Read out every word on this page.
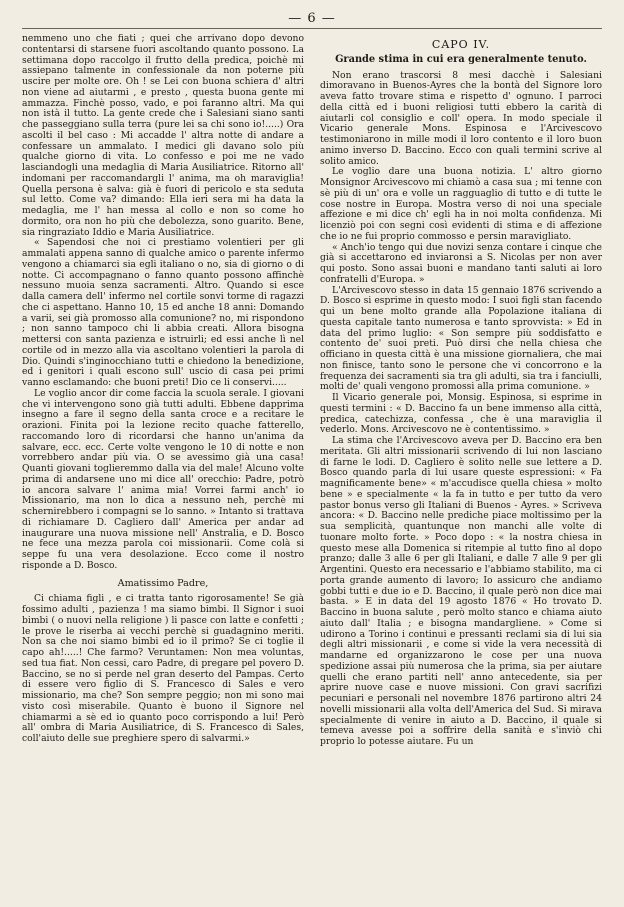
— 6 —

nemmeno uno che fiati ; quei che arrivano dopo devono contentarsi di starsene fuori ascoltando quanto possono. La settimana dopo raccolgo il frutto della predica, poichè mi assiepano talmente in confessionale da non poterne più uscire per molte ore. Oh ! se Lei con buona schiera d' altri non viene ad aiutarmi , e presto , questa buona gente mi ammazza. Finchè posso, vado, e poi faranno altri. Ma qui non istà il tutto. La gente crede che i Salesiani siano santi che passeggiano sulla terra (pure lei sa chi sono io!.....) Ora ascolti il bel caso : Mi accadde l' altra notte di andare a confessare un ammalato. I medici gli davano solo più qualche giorno di vita. Lo confesso e poi me ne vado lasciandogli una medaglia di Maria Ausiliatrice. Ritorno all' indomani per raccomandargli l' anima, ma oh maraviglia! Quella persona è salva: già è fuori di pericolo e sta seduta sul letto. Come va? dimando: Ella ieri sera mi ha data la medaglia, me l' han messa al collo e non so come ho dormito, ora non ho più che debolezza, sono guarito. Bene, sia ringraziato Iddio e Maria Ausiliatrice.

« Sapendosi che noi ci prestiamo volentieri per gli ammalati appena sanno di qualche amico o parente infermo vengono a chiamarci sia egli italiano o no, sia di giorno o di notte. Ci accompagnano o fanno quanto possono affinchè nessuno muoia senza sacramenti. Altro. Quando si esce dalla camera dell' infermo nel cortile sonvi torme di ragazzi che ci aspettano. Hanno 10, 15 ed anche 18 anni: Domando a varii, sei già promosso alla comunione? no, mi rispondono ; non sanno tampoco chi li abbia creati. Allora bisogna mettersi con santa pazienza e istruirli; ed essi anche lì nel cortile od in mezzo alla via ascoltano volentieri la parola di Dio. Quindi s'inginocchiano tutti e chiedono la benedizione, ed i genitori i quali escono sull' uscio di casa pei primi vanno esclamando: che buoni preti! Dio ce li conservi.....

Le voglio ancor dir come faccia la scuola serale. I giovani che vi intervengono sono già tutti adulti. Ebbene dapprima insegno a fare il segno della santa croce e a recitare le orazioni. Finita poi la lezione recito quache fatterello, raccomando loro di ricordarsi che hanno un'anima da salvare, ecc. ecc. Certe volte vengono le 10 di notte e non vorrebbero andar più via. O se avessimo già una casa! Quanti giovani toglieremmo dalla via del male! Alcuno volte prima di andarsene uno mi dice all' orecchio: Padre, potrò io ancora salvare l' anima mia! Vorrei farmi anch' io Missionario, ma non lo dica a nessuno neh, perchè mi schernirebbero i compagni se lo sanno. » Intanto si trattava di richiamare D. Cagliero dall' America per andar ad inaugurare una nuova missione nell' Anstralia, e D. Bosco ne fece una mezza parola coi missionarii. Come colà si seppe fu una vera desolazione. Ecco come il nostro risponde a D. Bosco.

Amatissimo Padre,

Ci chiama figli , e ci tratta tanto rigorosamente! Se già fossimo adulti , pazienza ! ma siamo bimbi. Il Signor i suoi bimbi ( o nuovi nella religione ) li pasce con latte e confetti ; le prove le riserba ai vecchi perchè si guadagnino meriti. Non sa che noi siamo bimbi ed io il primo? Se ci toglie il capo ah!.....! Che farmo? Veruntamen: Non mea voluntas, sed tua fiat. Non cessi, caro Padre, di pregare pel povero D. Baccino, se no si perde nel gran deserto del Pampas. Certo di essere vero figlio di S. Francesco di Sales e vero missionario, ma che? Son sempre peggio; non mi sono mai visto così miserabile. Quanto è buono il Signore nel chiamarmi a sè ed io quanto poco corrispondo a lui! Però all' ombra di Maria Ausiliatrice, di S. Francesco di Sales, coll'aiuto delle sue preghiere spero di salvarmi.»

CAPO IV.
Grande stima in cui era generalmente tenuto.

Non erano trascorsi 8 mesi dacchè i Salesiani dimoravano in Buenos-Ayres che la bontà del Signore loro aveva fatto trovare stima e rispetto d' ognuno. I parroci della città ed i buoni religiosi tutti ebbero la carità di aiutarli col consiglio e coll' opera. In modo speciale il Vicario generale Mons. Espinosa e l'Arcivescovo testimoniarono in mille modi il loro contento e il loro buon animo inverso D. Baccino. Ecco con quali termini scrive al solito amico.

Le voglio dare una buona notizia. L' altro giorno Monsignor Arcivescovo mi chiamò a casa sua ; mi tenne con sè più di un' ora e volle un ragguaglio di tutto e di tutte le cose nostre in Europa. Mostra verso di noi una speciale affezione e mi dice ch' egli ha in noi molta confidenza. Mi licenziò poi con segni così evidenti di stima e di affezione che io ne fui proprio commosso e persin maravigliato.

« Anch'io tengo qui due novizi senza contare i cinque che già si accettarono ed inviaronsi a S. Nicolas per non aver qui posto. Sono assai buoni e mandano tanti saluti ai loro confratelli d'Europa. »

L'Arcivescovo stesso in data 15 gennaio 1876 scrivendo a D. Bosco si esprime in questo modo: I suoi figli stan facendo qui un bene molto grande alla Popolazione italiana di questa capitale tanto numerosa e tanto sprovvista: » Ed in data del primo luglio: « Son sempre più soddisfatto e contento de' suoi preti. Può dirsi che nella chiesa che officiano in questa città è una missione giornaliera, che mai non finisce, tanto sono le persone che vi concorrono e la frequenza dei sacramenti sia tra gli adulti, sia tra i fanciulli, molti de' quali vengono promossi alla prima comunione. »

Il Vicario generale poi, Monsig. Espinosa, si esprime in questi termini : « D. Baccino fa un bene immenso alla città, predica, catechizza, confessa , che è una maraviglia il vederlo. Mons. Arcivescovo ne è contentissimo. »

La stima che l'Arcivescovo aveva per D. Baccino era ben meritata. Gli altri missionarii scrivendo di lui non lasciano di farne le lodi. D. Cagliero è solito nelle sue lettere a D. Bosco quando parla di lui usare queste espressioni: « Fa magnificamente bene» « m'accudisce quella chiesa » molto bene » e specialmente « la fa in tutto e per tutto da vero pastor bonus verso gli Italiani di Buenos - Ayres. » Scriveva ancora: « D. Baccino nelle prediche piace moltissimo per la sua semplicità, quantunque non manchi alle volte di tuonare molto forte. » Poco dopo : « la nostra chiesa in questo mese alla Domenica si ritempie al tutto fino al dopo pranzo; dalle 3 alle 6 per gli Italiani, e dalle 7 alle 9 per gli Argentini. Questo era necessario e l'abbiamo stabilito, ma ci porta grande aumento di lavoro; Io assicuro che andiamo gobbi tutti e due io e D. Baccino, il quale però non dice mai basta. » E in data del 19 agosto 1876 « Ho trovato D. Baccino in buona salute , però molto stanco e chiama aiuto aiuto dall' Italia ; e bisogna mandargliene. » Come si udirono a Torino i continui e pressanti reclami sia di lui sia degli altri missionarii , e come si vide la vera necessità di mandarne ed organizzarono le cose per una nuova spedizione assai più numerosa che la prima, sia per aiutare quelli che erano partiti nell' anno antecedente, sia per aprire nuove case e nuove missioni. Con gravi sacrifizi pecuniari e personali nel novembre 1876 partirono altri 24 novelli missionarii alla volta dell'America del Sud. Si mirava specialmente di venire in aiuto a D. Baccino, il quale si temeva avesse poi a soffrire della sanità e s'inviò chi proprio lo potesse aiutare. Fu un
